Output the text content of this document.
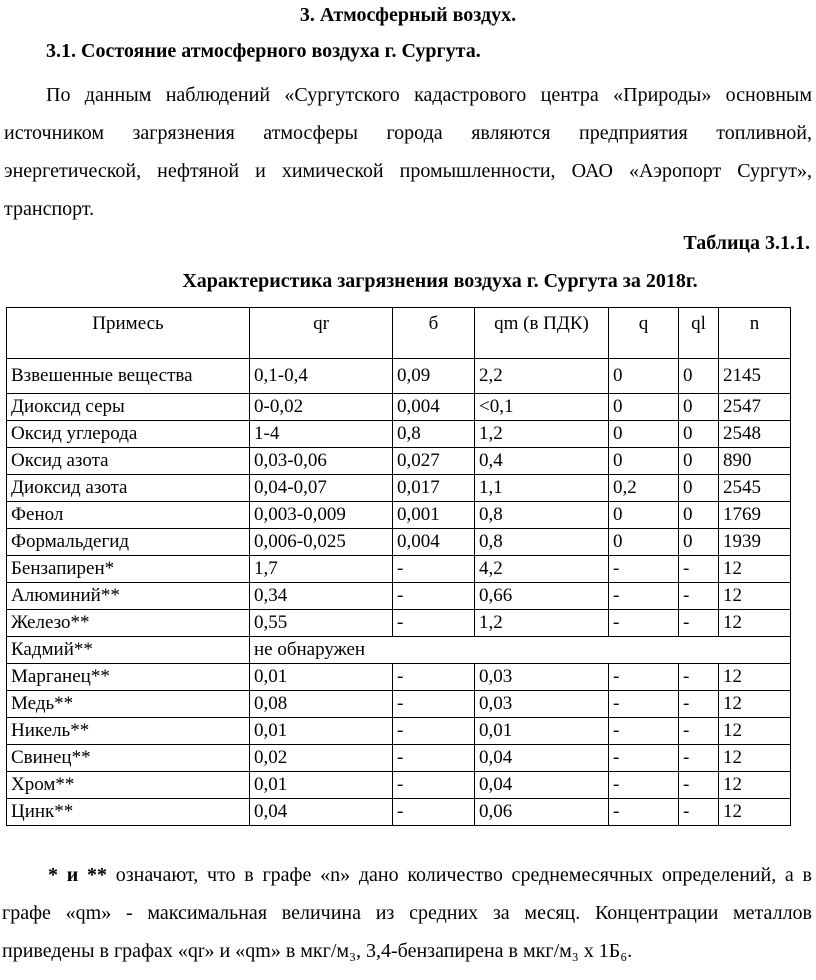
3. Атмосферный воздух.
3.1. Состояние атмосферного воздуха г. Сургута.

По данным наблюдений «Сургутского кадастрового центра «Природы» основным источником загрязнения атмосферы города являются предприятия топливной, энергетической, нефтяной и химической промышленности, ОАО «Аэропорт Сургут», транспорт.

Таблица 3.1.1.
Характеристика загрязнения воздуха г. Сургута за 2018г.
Примесь	qr	б	qm (в ПДК)	q	ql	n
Взвешенные вещества	0,1-0,4	0,09	2,2	0	0	2145
Диоксид серы	0-0,02	0,004	<0,1	0	0	2547
Оксид углерода	1-4	0,8	1,2	0	0	2548
Оксид азота	0,03-0,06	0,027	0,4	0	0	890
Диоксид азота	0,04-0,07	0,017	1,1	0,2	0	2545
Фенол	0,003-0,009	0,001	0,8	0	0	1769
Формальдегид	0,006-0,025	0,004	0,8	0	0	1939
Бензапирен*	1,7	-	4,2	-	-	12
Алюминий**	0,34	-	0,66	-	-	12
Железо**	0,55	-	1,2	-	-	12
Кадмий**	не обнаружен					
Марганец**	0,01	-	0,03	-	-	12
Медь**	0,08	-	0,03	-	-	12
Никель**	0,01	-	0,01	-	-	12
Свинец**	0,02	-	0,04	-	-	12
Хром**	0,01	-	0,04	-	-	12
Цинк**	0,04	-	0,06	-	-	12

* и ** означают, что в графе «n» дано количество среднемесячных определений, а в графе «qm» - максимальная величина из средних за месяц. Концентрации металлов приведены в графах «qr» и «qm» в мкг/м₃, 3,4-бензапирена в мкг/м₃ х 1Б₆.
